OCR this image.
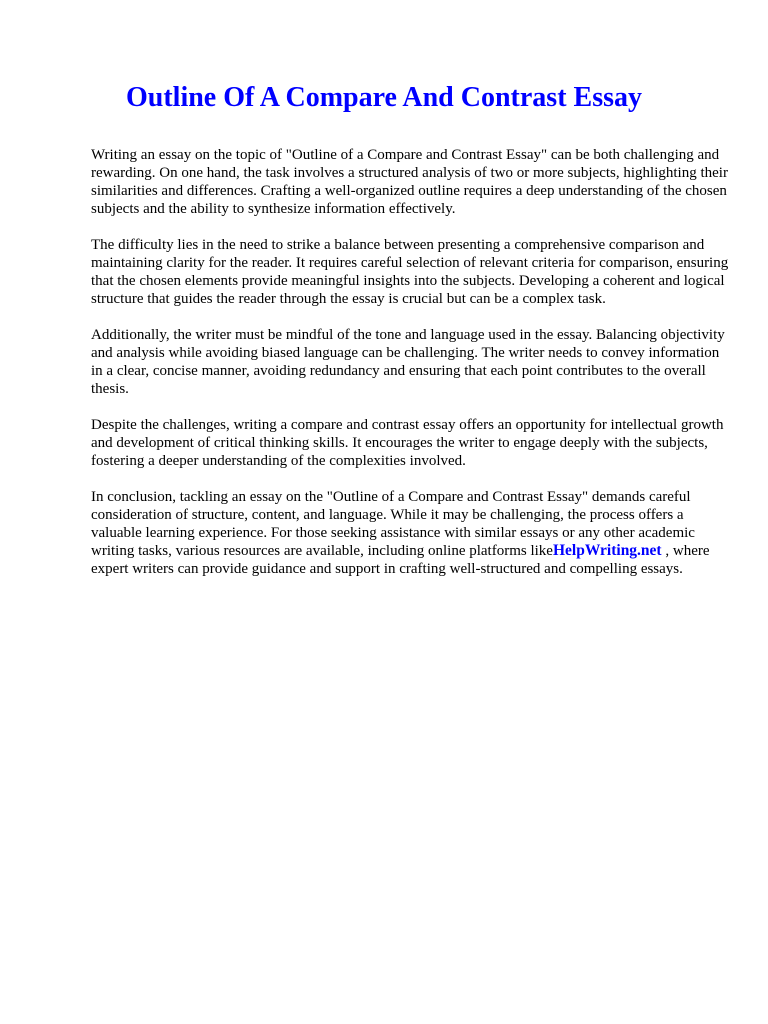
Outline Of A Compare And Contrast Essay

Writing an essay on the topic of "Outline of a Compare and Contrast Essay" can be both challenging and rewarding. On one hand, the task involves a structured analysis of two or more subjects, highlighting their similarities and differences. Crafting a well-organized outline requires a deep understanding of the chosen subjects and the ability to synthesize information effectively.

The difficulty lies in the need to strike a balance between presenting a comprehensive comparison and maintaining clarity for the reader. It requires careful selection of relevant criteria for comparison, ensuring that the chosen elements provide meaningful insights into the subjects. Developing a coherent and logical structure that guides the reader through the essay is crucial but can be a complex task.

Additionally, the writer must be mindful of the tone and language used in the essay. Balancing objectivity and analysis while avoiding biased language can be challenging. The writer needs to convey information in a clear, concise manner, avoiding redundancy and ensuring that each point contributes to the overall thesis.

Despite the challenges, writing a compare and contrast essay offers an opportunity for intellectual growth and development of critical thinking skills. It encourages the writer to engage deeply with the subjects, fostering a deeper understanding of the complexities involved.

In conclusion, tackling an essay on the "Outline of a Compare and Contrast Essay" demands careful consideration of structure, content, and language. While it may be challenging, the process offers a valuable learning experience. For those seeking assistance with similar essays or any other academic writing tasks, various resources are available, including online platforms likeHelpWriting.net , where expert writers can provide guidance and support in crafting well-structured and compelling essays.
